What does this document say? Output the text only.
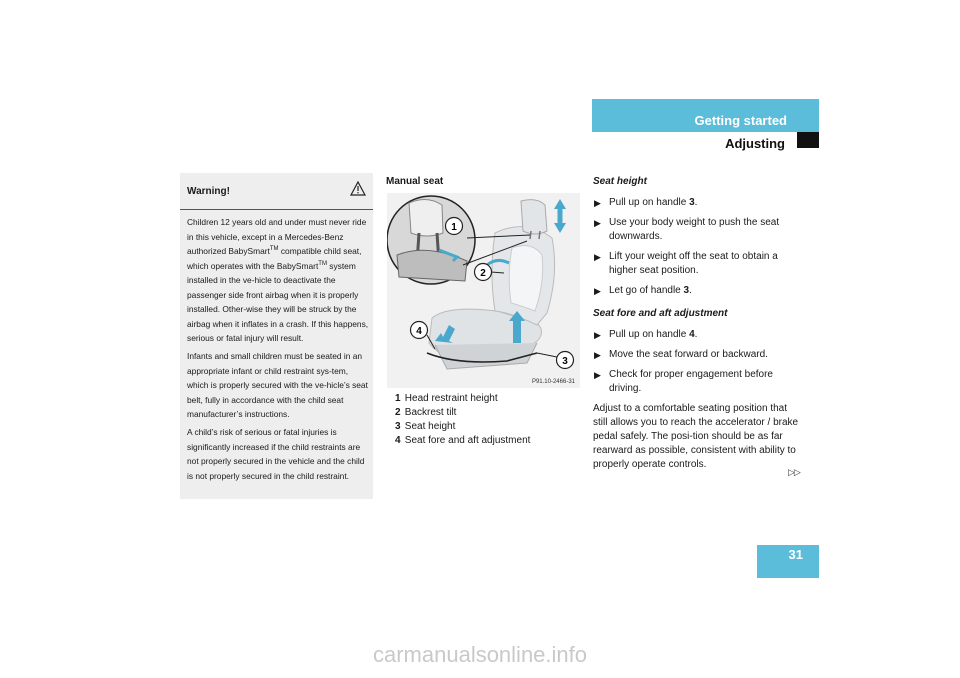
Getting started
Adjusting
Warning!

Children 12 years old and under must never ride in this vehicle, except in a Mercedes-Benz authorized BabySmart™ compatible child seat, which operates with the BabySmart™ system installed in the ve-hicle to deactivate the passenger side front airbag when it is properly installed. Other-wise they will be struck by the airbag when it inflates in a crash. If this happens, serious or fatal injury will result.

Infants and small children must be seated in an appropriate infant or child restraint sys-tem, which is properly secured with the ve-hicle’s seat belt, fully in accordance with the child seat manufacturer’s instructions.

A child’s risk of serious or fatal injuries is significantly increased if the child restraints are not properly secured in the vehicle and the child is not properly secured in the child restraint.

Manual seat
1
2
3
4
P91.10-2466-31
1 Head restraint height
2 Backrest tilt
3 Seat height
4 Seat fore and aft adjustment
Seat height
▶ Pull up on handle 3.
▶ Use your body weight to push the seat downwards.
▶ Lift your weight off the seat to obtain a higher seat position.
▶ Let go of handle 3.
Seat fore and aft adjustment
▶ Pull up on handle 4.
▶ Move the seat forward or backward.
▶ Check for proper engagement before driving.

Adjust to a comfortable seating position that still allows you to reach the accelerator / brake pedal safely. The posi-tion should be as far rearward as possible, consistent with ability to properly operate controls.

▷▷
31
carmanualsonline.info
